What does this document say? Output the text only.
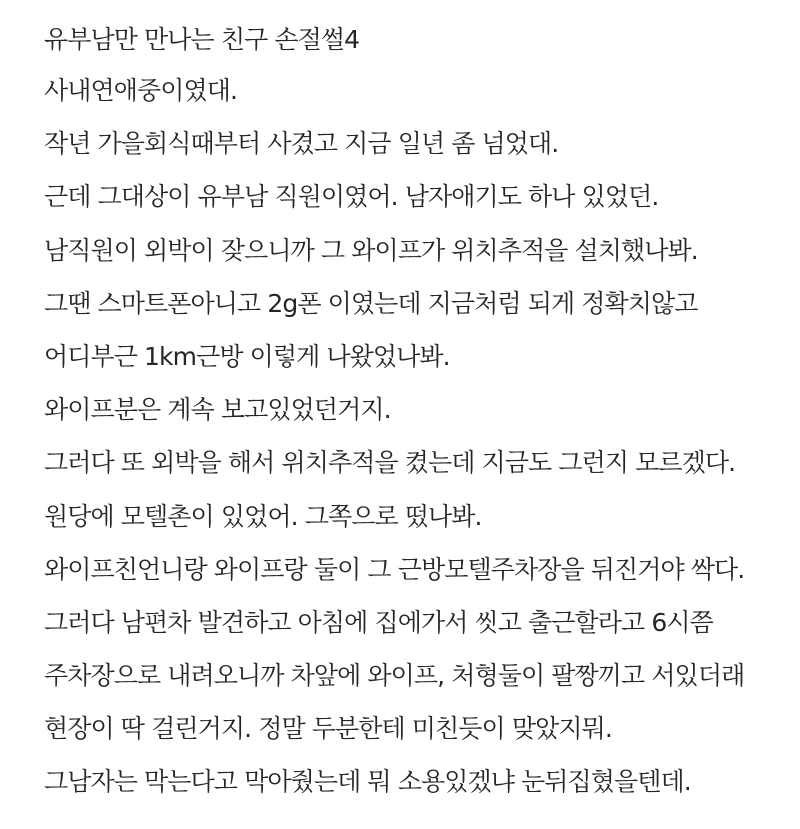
유부남만 만나는 친구 손절썰4
사내연애중이였대.
작년 가을회식때부터 사겼고 지금 일년 좀 넘었대.
근데 그대상이 유부남 직원이였어. 남자애기도 하나 있었던.
남직원이 외박이 잦으니까 그 와이프가 위치추적을 설치했나봐.
그땐 스마트폰아니고 2g폰 이였는데 지금처럼 되게 정확치않고
어디부근 1km근방 이렇게 나왔었나봐.
와이프분은 계속 보고있었던거지.
그러다 또 외박을 해서 위치추적을 켰는데 지금도 그런지 모르겠다.
원당에 모텔촌이 있었어. 그쪽으로 떴나봐.
와이프친언니랑 와이프랑 둘이 그 근방모텔주차장을 뒤진거야 싹다.
그러다 남편차 발견하고 아침에 집에가서 씻고 출근할라고 6시쯤
주차장으로 내려오니까 차앞에 와이프, 처형둘이 팔짱끼고 서있더래
현장이 딱 걸린거지. 정말 두분한테 미친듯이 맞았지뭐.
그남자는 막는다고 막아줬는데 뭐 소용있겠냐 눈뒤집혔을텐데.
